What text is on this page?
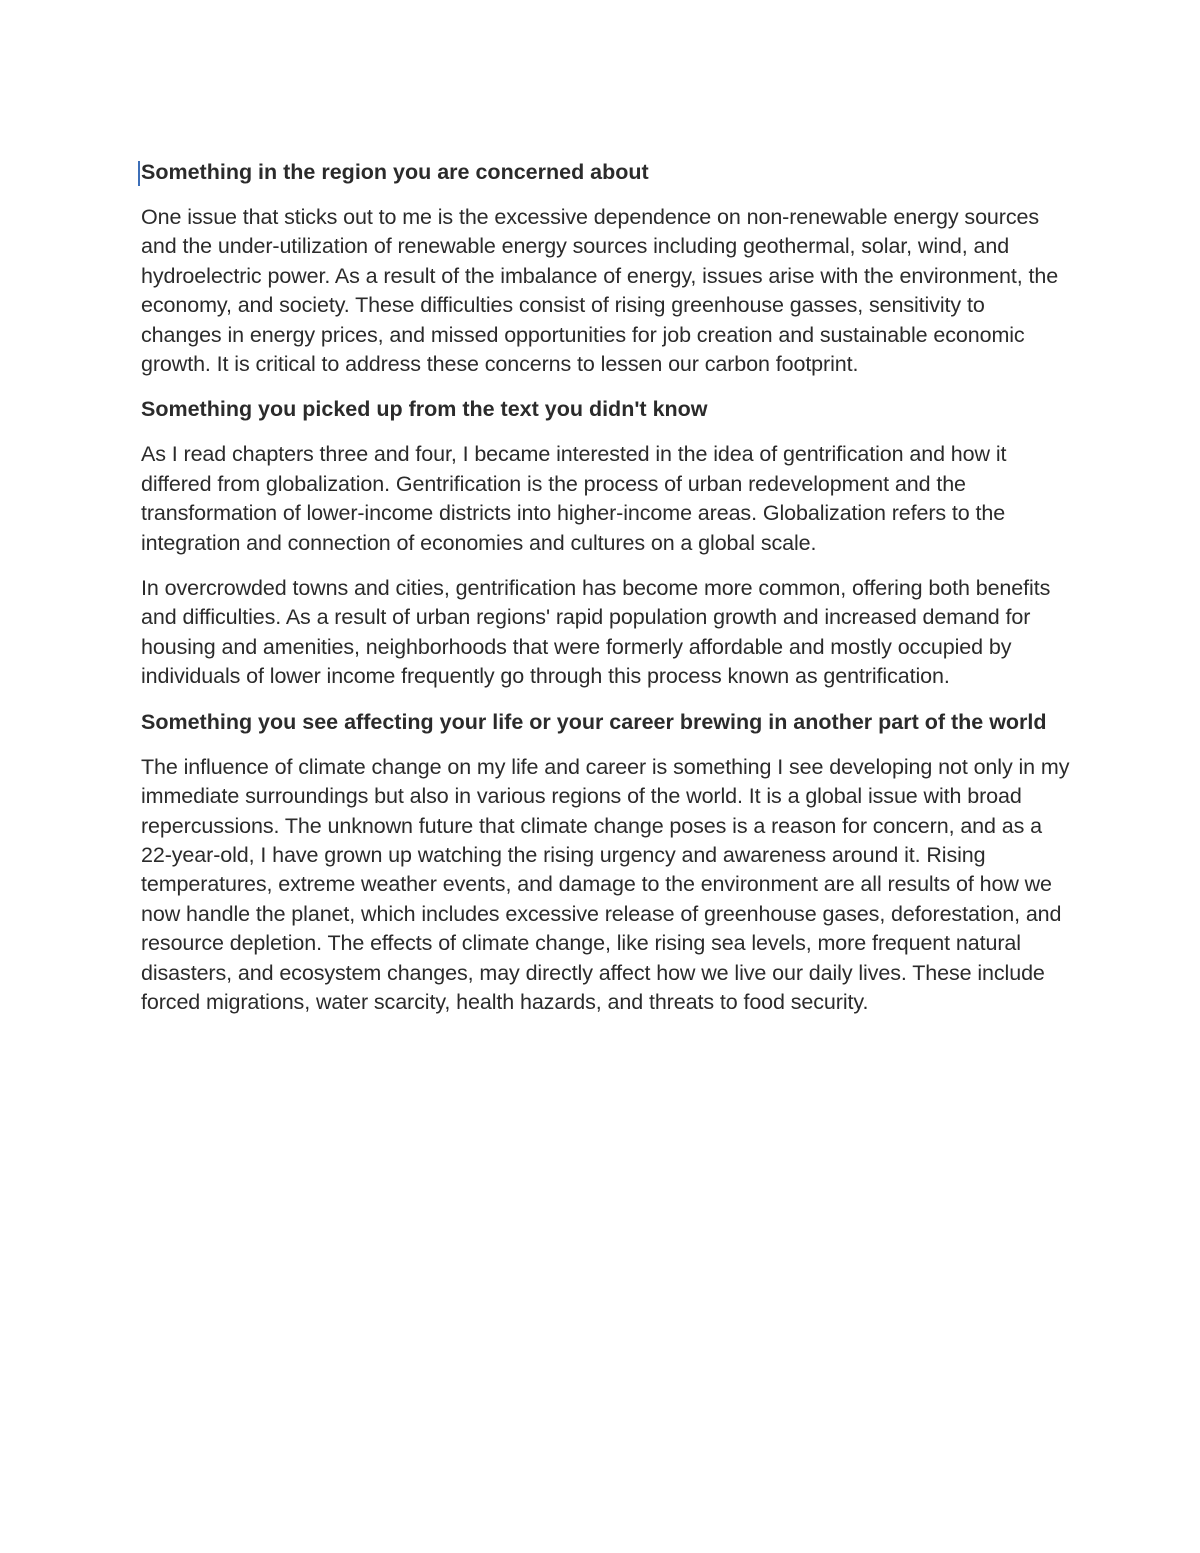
Something in the region you are concerned about

One issue that sticks out to me is the excessive dependence on non-renewable energy sources and the under-utilization of renewable energy sources including geothermal, solar, wind, and hydroelectric power. As a result of the imbalance of energy, issues arise with the environment, the economy, and society. These difficulties consist of rising greenhouse gasses, sensitivity to changes in energy prices, and missed opportunities for job creation and sustainable economic growth. It is critical to address these concerns to lessen our carbon footprint.

Something you picked up from the text you didn't know

As I read chapters three and four, I became interested in the idea of gentrification and how it differed from globalization. Gentrification is the process of urban redevelopment and the transformation of lower-income districts into higher-income areas. Globalization refers to the integration and connection of economies and cultures on a global scale.

In overcrowded towns and cities, gentrification has become more common, offering both benefits and difficulties. As a result of urban regions' rapid population growth and increased demand for housing and amenities, neighborhoods that were formerly affordable and mostly occupied by individuals of lower income frequently go through this process known as gentrification.

Something you see affecting your life or your career brewing in another part of the world

The influence of climate change on my life and career is something I see developing not only in my immediate surroundings but also in various regions of the world. It is a global issue with broad repercussions. The unknown future that climate change poses is a reason for concern, and as a 22-year-old, I have grown up watching the rising urgency and awareness around it. Rising temperatures, extreme weather events, and damage to the environment are all results of how we now handle the planet, which includes excessive release of greenhouse gases, deforestation, and resource depletion. The effects of climate change, like rising sea levels, more frequent natural disasters, and ecosystem changes, may directly affect how we live our daily lives. These include forced migrations, water scarcity, health hazards, and threats to food security.
